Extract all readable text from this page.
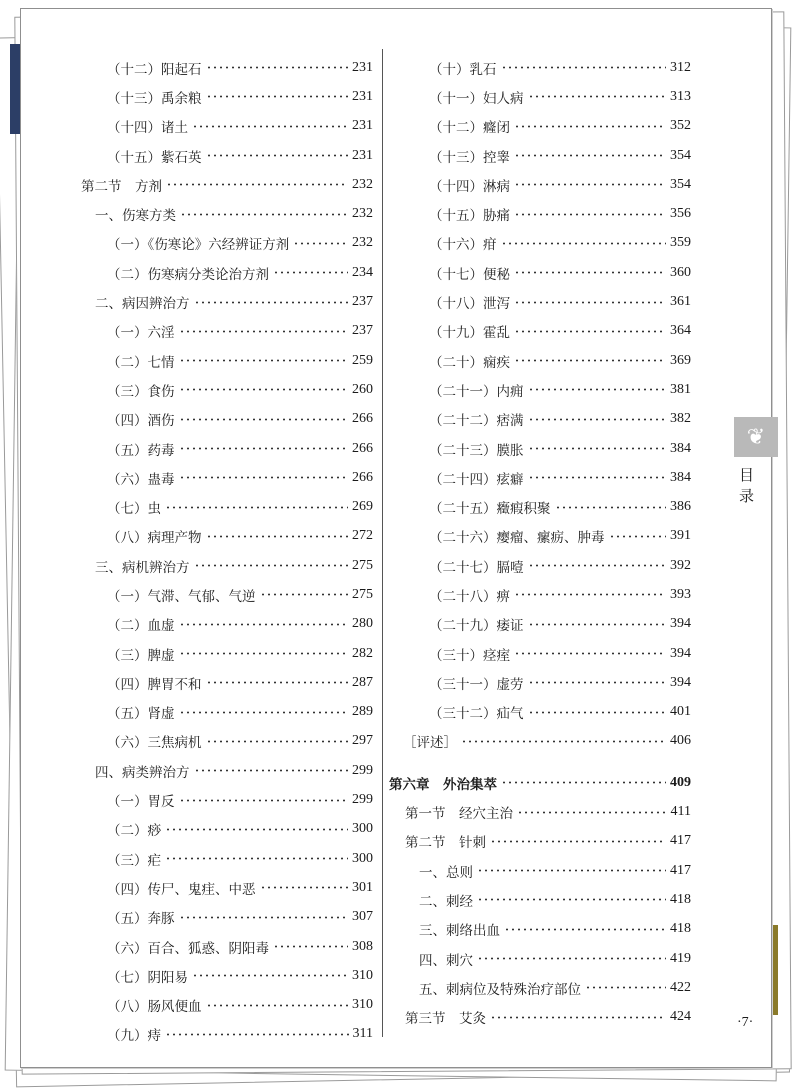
（十二）阳起石	231
（十三）禹余粮	231
（十四）诸土	231
（十五）紫石英	231
第二节　方剂	232
一、伤寒方类	232
（一）《伤寒论》六经辨证方剂	232
（二）伤寒病分类论治方剂	234
二、病因辨治方	237
（一）六淫	237
（二）七情	259
（三）食伤	260
（四）酒伤	266
（五）药毒	266
（六）蛊毒	266
（七）虫	269
（八）病理产物	272
三、病机辨治方	275
（一）气滞、气郁、气逆	275
（二）血虚	280
（三）脾虚	282
（四）脾胃不和	287
（五）肾虚	289
（六）三焦病机	297
四、病类辨治方	299
（一）胃反	299
（二）痧	300
（三）疟	300
（四）传尸、鬼疰、中恶	301
（五）奔豚	307
（六）百合、狐惑、阴阳毒	308
（七）阴阳易	310
（八）肠风便血	310
（九）痔	311
（十）乳石	312
（十一）妇人病	313
（十二）癃闭	352
（十三）控睾	354
（十四）淋病	354
（十五）胁痛	356
（十六）疳	359
（十七）便秘	360
（十八）泄泻	361
（十九）霍乱	364
（二十）痫疾	369
（二十一）内痈	381
（二十二）痞满	382
（二十三）膜胀	384
（二十四）痃癖	384
（二十五）癥瘕积聚	386
（二十六）瘿瘤、瘰疬、肿毒	391
（二十七）膈噎	392
（二十八）痹	393
（二十九）痿证	394
（三十）痉痓	394
（三十一）虚劳	394
（三十二）疝气	401
［评述］	406
第六章　外治集萃	409
第一节　经穴主治	411
第二节　针刺	417
一、总则	417
二、刺经	418
三、刺络出血	418
四、刺穴	419
五、刺病位及特殊治疗部位	422
第三节　艾灸	424
❦
目录
·7·
